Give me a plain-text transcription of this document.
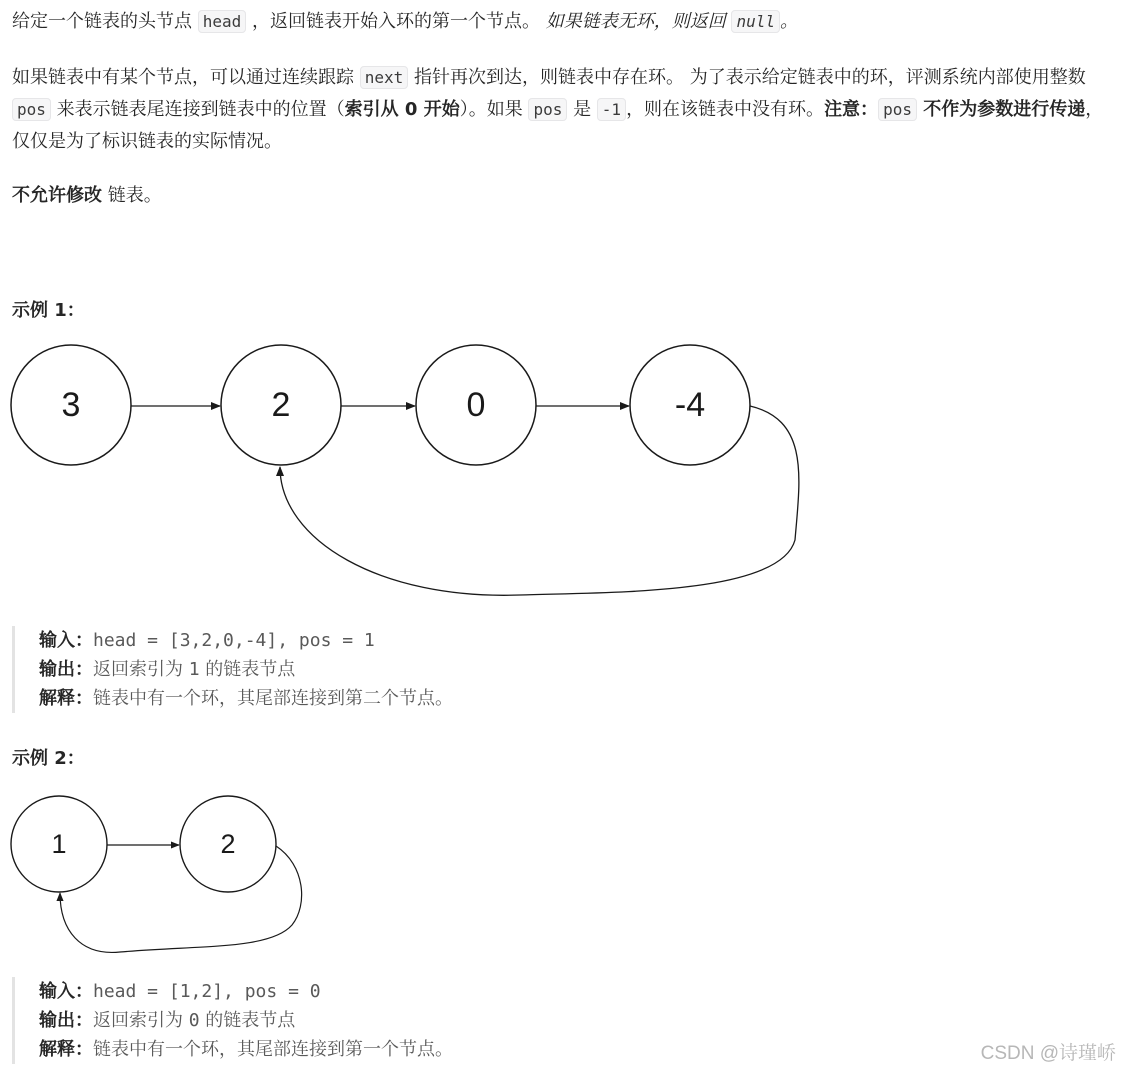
给定一个链表的头节点 head ，返回链表开始入环的第一个节点。 如果链表无环，则返回 null 。

如果链表中有某个节点，可以通过连续跟踪 next 指针再次到达，则链表中存在环。 为了表示给定链表中的环，评测系统内部使用整数 pos 来表示链表尾连接到链表中的位置（索引从 0 开始）。如果 pos 是 -1 ，则在该链表中没有环。注意： pos 不作为参数进行传递，仅仅是为了标识链表的实际情况。

不允许修改 链表。

示例 1：

3	2	0	-4
输入：head = [3,2,0,-4], pos = 1
输出：返回索引为 1 的链表节点
解释：链表中有一个环，其尾部连接到第二个节点。

示例 2：

1	2
输入：head = [1,2], pos = 0
输出：返回索引为 0 的链表节点
解释：链表中有一个环，其尾部连接到第一个节点。	CSDN @诗瑾峤
